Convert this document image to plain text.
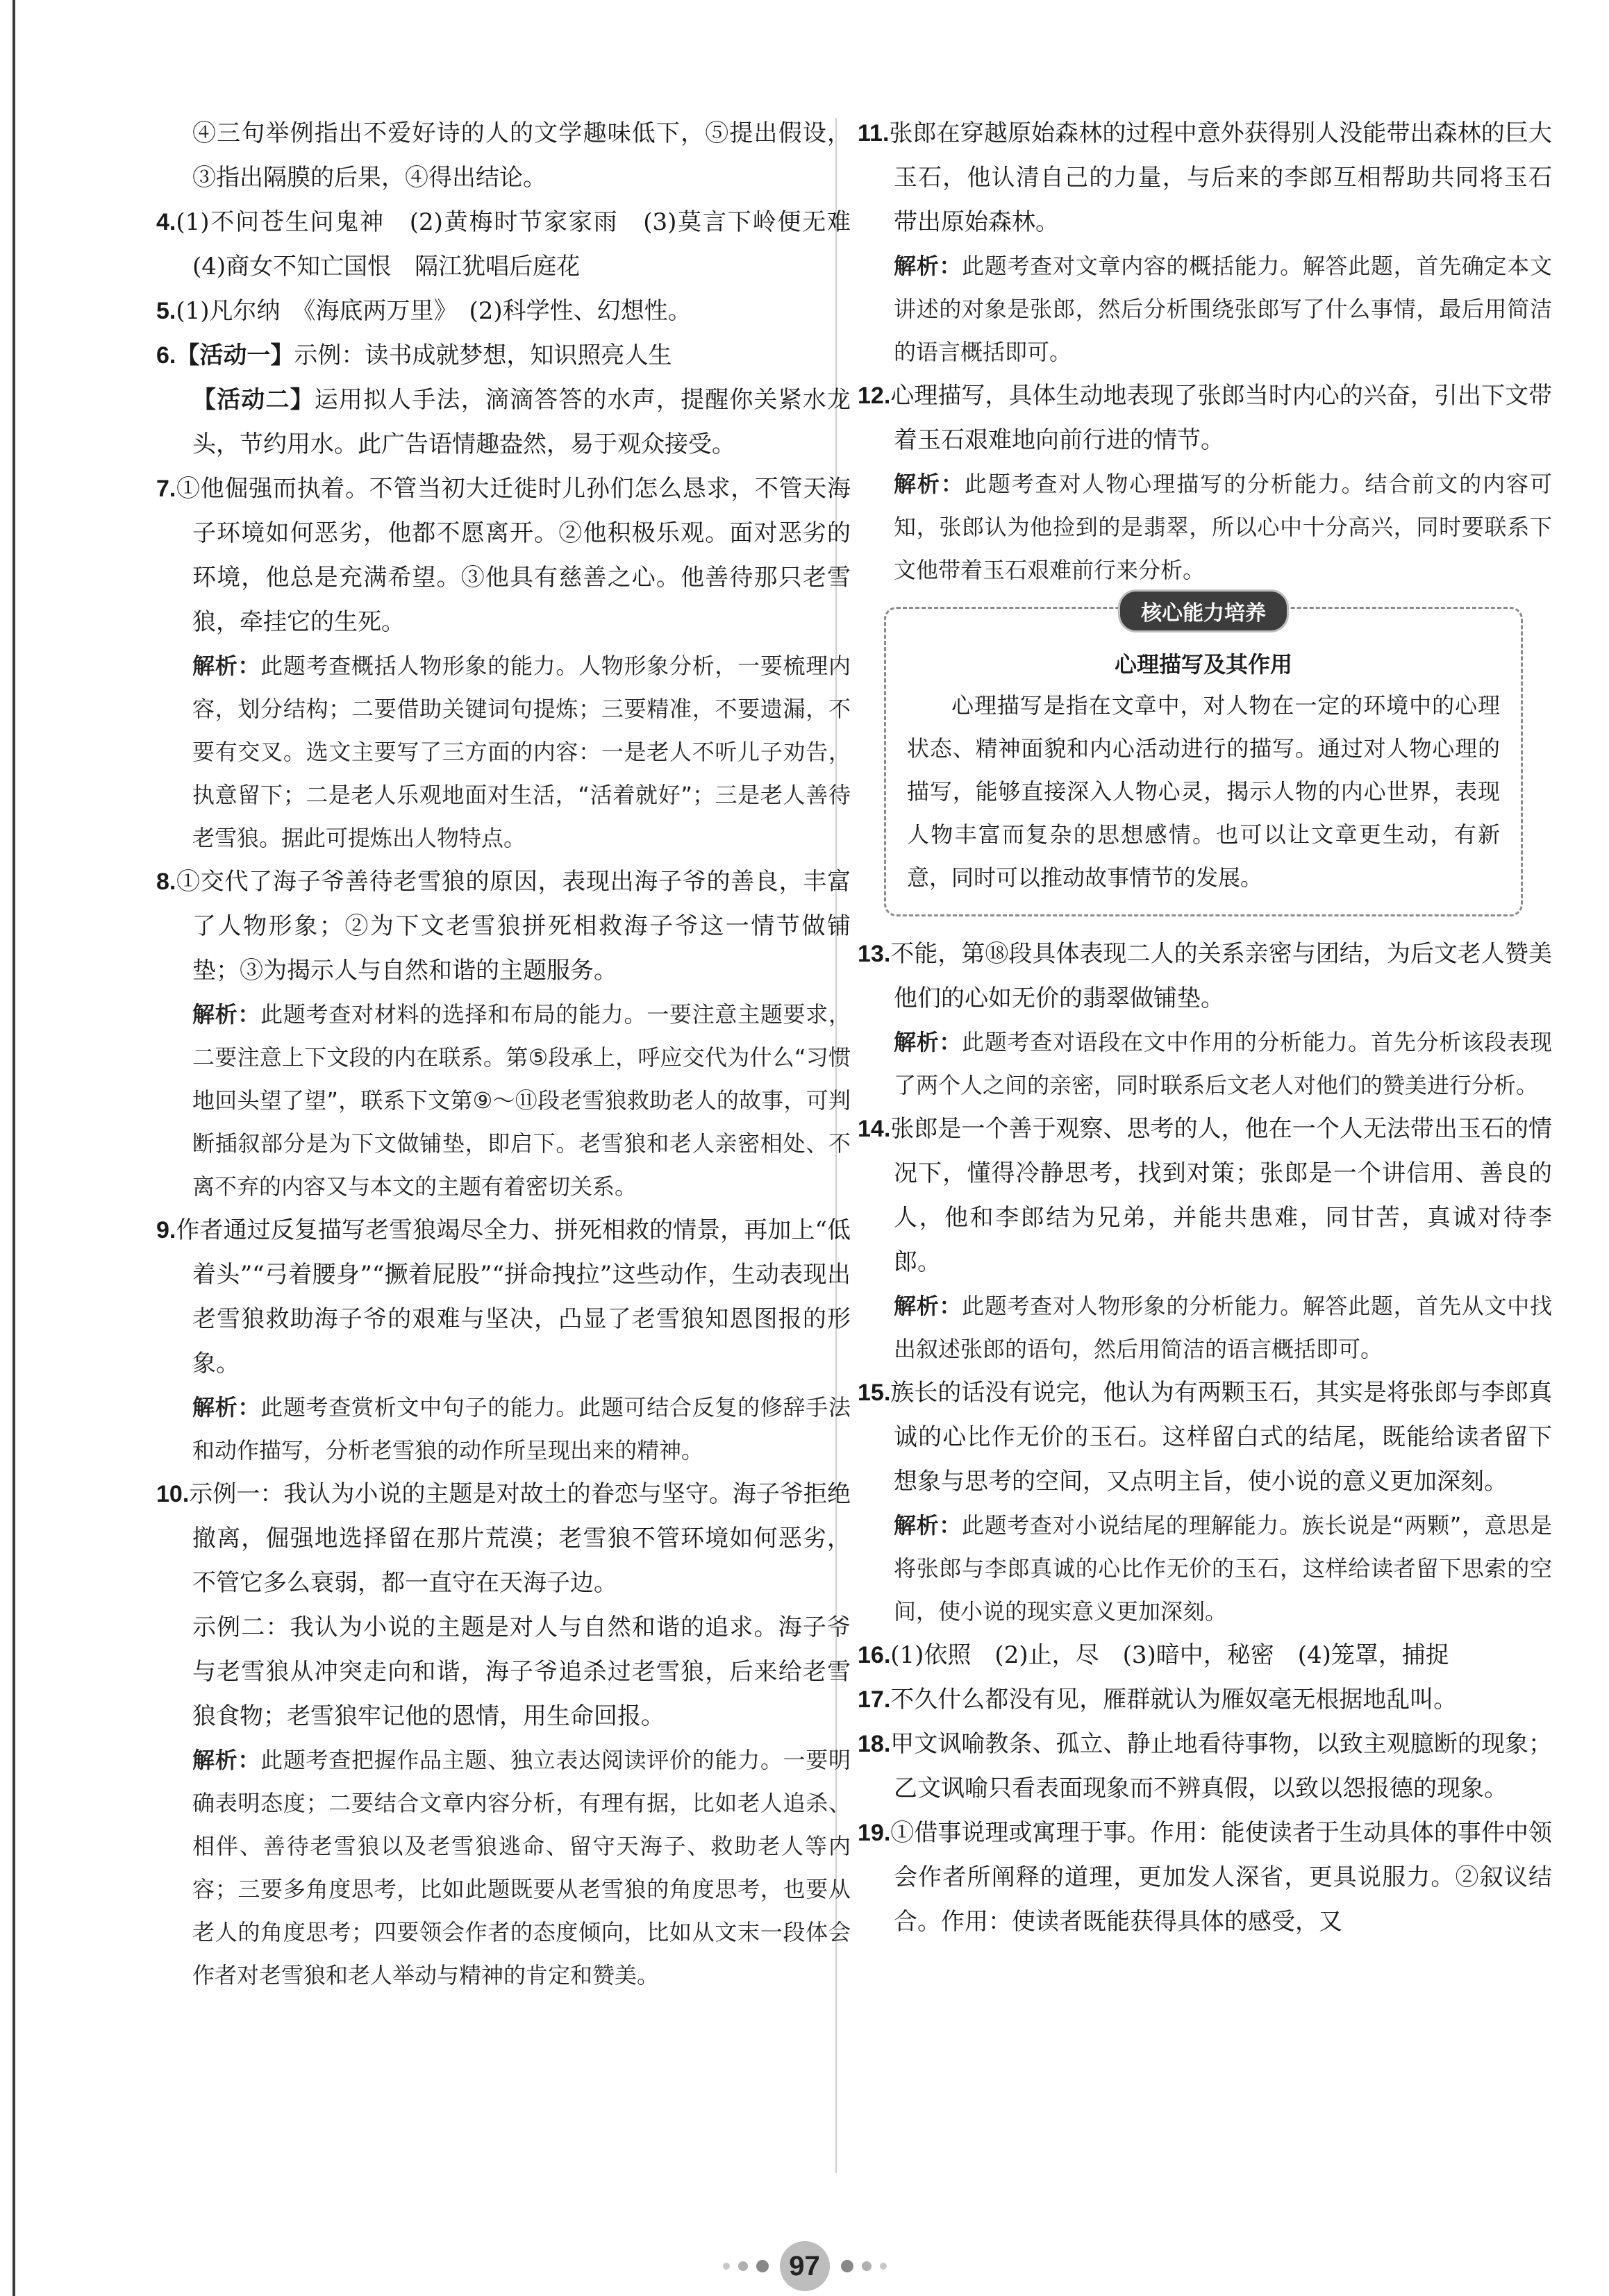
④三句举例指出不爱好诗的人的文学趣味低下，⑤提出假设，③指出隔膜的后果，④得出结论。

4.(1)不问苍生问鬼神　(2)黄梅时节家家雨　(3)莫言下岭便无难　(4)商女不知亡国恨　隔江犹唱后庭花

5.(1)凡尔纳　《海底两万里》　(2)科学性、幻想性。

6.【活动一】示例：读书成就梦想，知识照亮人生

【活动二】运用拟人手法，滴滴答答的水声，提醒你关紧水龙头，节约用水。此广告语情趣盎然，易于观众接受。

7.①他倔强而执着。不管当初大迁徙时儿孙们怎么恳求，不管天海子环境如何恶劣，他都不愿离开。②他积极乐观。面对恶劣的环境，他总是充满希望。③他具有慈善之心。他善待那只老雪狼，牵挂它的生死。

解析：此题考查概括人物形象的能力。人物形象分析，一要梳理内容，划分结构；二要借助关键词句提炼；三要精准，不要遗漏，不要有交叉。选文主要写了三方面的内容：一是老人不听儿子劝告，执意留下；二是老人乐观地面对生活，“活着就好”；三是老人善待老雪狼。据此可提炼出人物特点。

8.①交代了海子爷善待老雪狼的原因，表现出海子爷的善良，丰富了人物形象；②为下文老雪狼拼死相救海子爷这一情节做铺垫；③为揭示人与自然和谐的主题服务。

解析：此题考查对材料的选择和布局的能力。一要注意主题要求，二要注意上下文段的内在联系。第⑤段承上，呼应交代为什么“习惯地回头望了望”，联系下文第⑨～⑪段老雪狼救助老人的故事，可判断插叙部分是为下文做铺垫，即启下。老雪狼和老人亲密相处、不离不弃的内容又与本文的主题有着密切关系。

9.作者通过反复描写老雪狼竭尽全力、拼死相救的情景，再加上“低着头”“弓着腰身”“撅着屁股”“拼命拽拉”这些动作，生动表现出老雪狼救助海子爷的艰难与坚决，凸显了老雪狼知恩图报的形象。

解析：此题考查赏析文中句子的能力。此题可结合反复的修辞手法和动作描写，分析老雪狼的动作所呈现出来的精神。

10.示例一：我认为小说的主题是对故土的眷恋与坚守。海子爷拒绝撤离，倔强地选择留在那片荒漠；老雪狼不管环境如何恶劣，不管它多么衰弱，都一直守在天海子边。

示例二：我认为小说的主题是对人与自然和谐的追求。海子爷与老雪狼从冲突走向和谐，海子爷追杀过老雪狼，后来给老雪狼食物；老雪狼牢记他的恩情，用生命回报。

解析：此题考查把握作品主题、独立表达阅读评价的能力。一要明确表明态度；二要结合文章内容分析，有理有据，比如老人追杀、相伴、善待老雪狼以及老雪狼逃命、留守天海子、救助老人等内容；三要多角度思考，比如此题既要从老雪狼的角度思考，也要从老人的角度思考；四要领会作者的态度倾向，比如从文末一段体会作者对老雪狼和老人举动与精神的肯定和赞美。

11.张郎在穿越原始森林的过程中意外获得别人没能带出森林的巨大玉石，他认清自己的力量，与后来的李郎互相帮助共同将玉石带出原始森林。

解析：此题考查对文章内容的概括能力。解答此题，首先确定本文讲述的对象是张郎，然后分析围绕张郎写了什么事情，最后用简洁的语言概括即可。

12.心理描写，具体生动地表现了张郎当时内心的兴奋，引出下文带着玉石艰难地向前行进的情节。

解析：此题考查对人物心理描写的分析能力。结合前文的内容可知，张郎认为他捡到的是翡翠，所以心中十分高兴，同时要联系下文他带着玉石艰难前行来分析。

核心能力培养
心理描写及其作用
心理描写是指在文章中，对人物在一定的环境中的心理状态、精神面貌和内心活动进行的描写。通过对人物心理的描写，能够直接深入人物心灵，揭示人物的内心世界，表现人物丰富而复杂的思想感情。也可以让文章更生动，有新意，同时可以推动故事情节的发展。

13.不能，第⑱段具体表现二人的关系亲密与团结，为后文老人赞美他们的心如无价的翡翠做铺垫。

解析：此题考查对语段在文中作用的分析能力。首先分析该段表现了两个人之间的亲密，同时联系后文老人对他们的赞美进行分析。

14.张郎是一个善于观察、思考的人，他在一个人无法带出玉石的情况下，懂得冷静思考，找到对策；张郎是一个讲信用、善良的人，他和李郎结为兄弟，并能共患难，同甘苦，真诚对待李郎。

解析：此题考查对人物形象的分析能力。解答此题，首先从文中找出叙述张郎的语句，然后用简洁的语言概括即可。

15.族长的话没有说完，他认为有两颗玉石，其实是将张郎与李郎真诚的心比作无价的玉石。这样留白式的结尾，既能给读者留下想象与思考的空间，又点明主旨，使小说的意义更加深刻。

解析：此题考查对小说结尾的理解能力。族长说是“两颗”，意思是将张郎与李郎真诚的心比作无价的玉石，这样给读者留下思索的空间，使小说的现实意义更加深刻。

16.(1)依照　(2)止，尽　(3)暗中，秘密　(4)笼罩，捕捉

17.不久什么都没有见，雁群就认为雁奴毫无根据地乱叫。

18.甲文讽喻教条、孤立、静止地看待事物，以致主观臆断的现象；乙文讽喻只看表面现象而不辨真假，以致以怨报德的现象。

19.①借事说理或寓理于事。作用：能使读者于生动具体的事件中领会作者所阐释的道理，更加发人深省，更具说服力。②叙议结合。作用：使读者既能获得具体的感受，又

97
